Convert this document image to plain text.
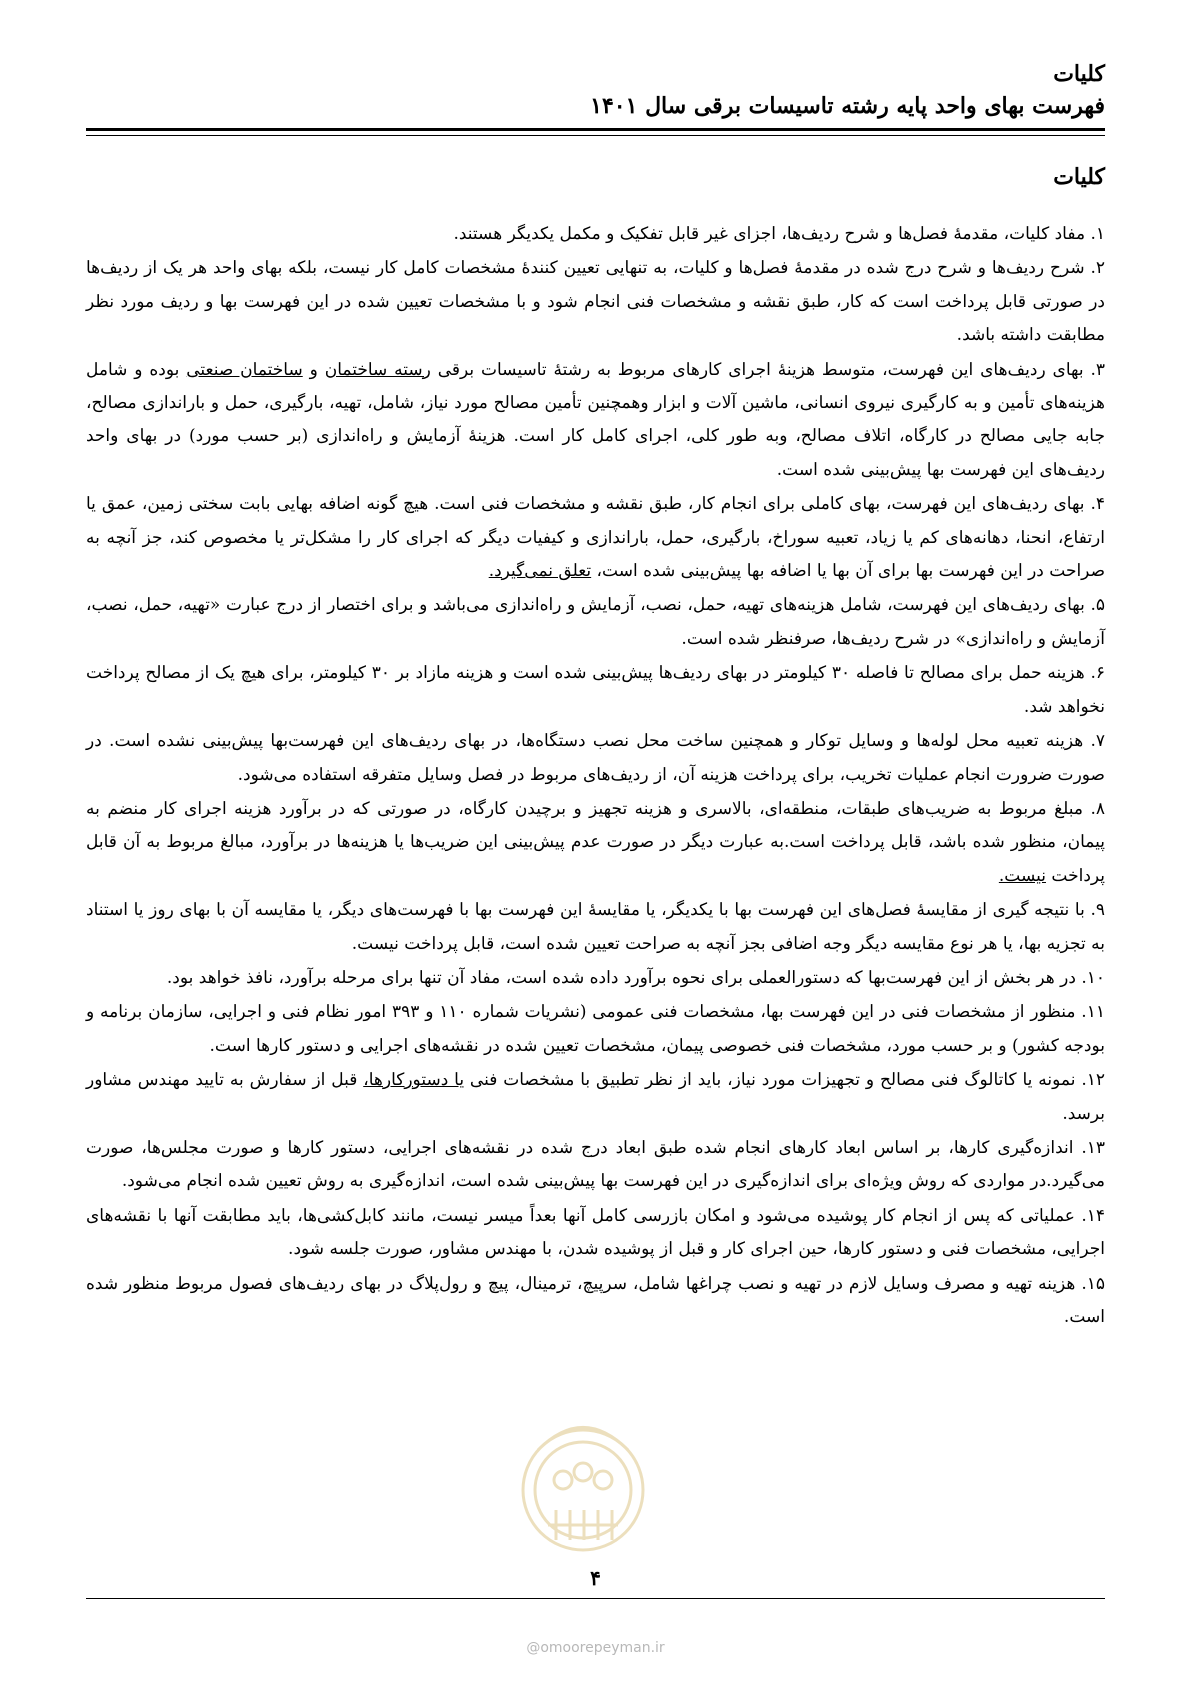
کلیات
فهرست بهای واحد پایه رشته تاسیسات برقی سال ۱۴۰۱
کلیات

۱. مفاد کلیات، مقدمهٔ فصل‌ها و شرح ردیف‌ها، اجزای غیر قابل تفکیک و مکمل یکدیگر هستند.

۲. شرح ردیف‌ها و شرح درج شده در مقدمهٔ فصل‌ها و کلیات، به تنهایی تعیین کنندهٔ مشخصات کامل کار نیست، بلکه بهای واحد هر یک از ردیف‌ها در صورتی قابل پرداخت است که کار، طبق نقشه و مشخصات فنی انجام شود و با مشخصات تعیین شده در این فهرست بها و ردیف مورد نظر مطابقت داشته باشد.

۳. بهای ردیف‌های این فهرست، متوسط هزینهٔ اجرای کارهای مربوط به رشتهٔ تاسیسات برقی رسته ساختمان و ساختمان صنعتی بوده و شامل هزینه‌های تأمین و به کارگیری نیروی انسانی، ماشین آلات و ابزار وهمچنین تأمین مصالح مورد نیاز، شامل، تهیه، بارگیری، حمل و باراندازی مصالح، جابه جایی مصالح در کارگاه، اتلاف مصالح، وبه طور کلی، اجرای کامل کار است. هزینهٔ آزمایش و راه‌اندازی (بر حسب مورد) در بهای واحد ردیف‌های این فهرست بها پیش‌بینی شده است.

۴. بهای ردیف‌های این فهرست، بهای کاملی برای انجام کار، طبق نقشه و مشخصات فنی است. هیچ گونه اضافه بهایی بابت سختی زمین، عمق یا ارتفاع، انحنا، دهانه‌های کم یا زیاد، تعبیه سوراخ، بارگیری، حمل، باراندازی و کیفیات دیگر که اجرای کار را مشکل‌تر یا مخصوص کند، جز آنچه به صراحت در این فهرست بها برای آن بها یا اضافه بها پیش‌بینی شده است، تعلق نمی‌گیرد.

۵. بهای ردیف‌های این فهرست، شامل هزینه‌های تهیه، حمل، نصب، آزمایش و راه‌اندازی می‌باشد و برای اختصار از درج عبارت «تهیه، حمل، نصب، آزمایش و راه‌اندازی» در شرح ردیف‌ها، صرفنظر شده است.

۶. هزینه حمل برای مصالح تا فاصله ۳۰ کیلومتر در بهای ردیف‌ها پیش‌بینی شده است و هزینه مازاد بر ۳۰ کیلومتر، برای هیچ یک از مصالح پرداخت نخواهد شد.

۷. هزینه تعبیه محل لوله‌ها و وسایل توکار و همچنین ساخت محل نصب دستگاه‌ها، در بهای ردیف‌های این فهرست‌بها پیش‌بینی نشده است. در صورت ضرورت انجام عملیات تخریب، برای پرداخت هزینه آن، از ردیف‌های مربوط در فصل وسایل متفرقه استفاده می‌شود.

۸. مبلغ مربوط به ضریب‌های طبقات، منطقه‌ای، بالاسری و هزینه تجهیز و برچیدن کارگاه، در صورتی که در برآورد هزینه اجرای کار منضم به پیمان، منظور شده باشد، قابل پرداخت است.به عبارت دیگر در صورت عدم پیش‌بینی این ضریب‌ها یا هزینه‌ها در برآورد، مبالغ مربوط به آن قابل پرداخت نیست.

۹. با نتیجه گیری از مقایسهٔ فصل‌های این فهرست بها با یکدیگر، یا مقایسهٔ این فهرست بها با فهرست‌های دیگر، یا مقایسه آن با بهای روز یا استناد به تجزیه بها، یا هر نوع مقایسه دیگر وجه اضافی بجز آنچه به صراحت تعیین شده است، قابل پرداخت نیست.

۱۰. در هر بخش از این فهرست‌بها که دستورالعملی برای نحوه برآورد داده شده است، مفاد آن تنها برای مرحله برآورد، نافذ خواهد بود.

۱۱. منظور از مشخصات فنی در این فهرست بها، مشخصات فنی عمومی (نشریات شماره ۱۱۰ و ۳۹۳ امور نظام فنی و اجرایی، سازمان برنامه و بودجه کشور) و بر حسب مورد، مشخصات فنی خصوصی پیمان، مشخصات تعیین شده در نقشه‌های اجرایی و دستور کارها است.

۱۲. نمونه یا کاتالوگ فنی مصالح و تجهیزات مورد نیاز، باید از نظر تطبیق با مشخصات فنی یا دستورکارها، قبل از سفارش به تایید مهندس مشاور برسد.

۱۳. اندازه‌گیری کارها، بر اساس ابعاد کارهای انجام شده طبق ابعاد درج شده در نقشه‌های اجرایی، دستور کارها و صورت مجلس‌ها، صورت می‌گیرد.در مواردی که روش ویژه‌ای برای اندازه‌گیری در این فهرست بها پیش‌بینی شده است، اندازه‌گیری به روش تعیین شده انجام می‌شود.

۱۴. عملیاتی که پس از انجام کار پوشیده می‌شود و امکان بازرسی کامل آنها بعداً میسر نیست، مانند کابل‌کشی‌ها، باید مطابقت آنها با نقشه‌های اجرایی، مشخصات فنی و دستور کارها، حین اجرای کار و قبل از پوشیده شدن، با مهندس مشاور، صورت جلسه شود.

۱۵. هزینه تهیه و مصرف وسایل لازم در تهیه و نصب چراغها شامل، سرپیچ، ترمینال، پیچ و رول‌پلاگ در بهای ردیف‌های فصول مربوط منظور شده است.

۴
@omoorepeyman.ir
